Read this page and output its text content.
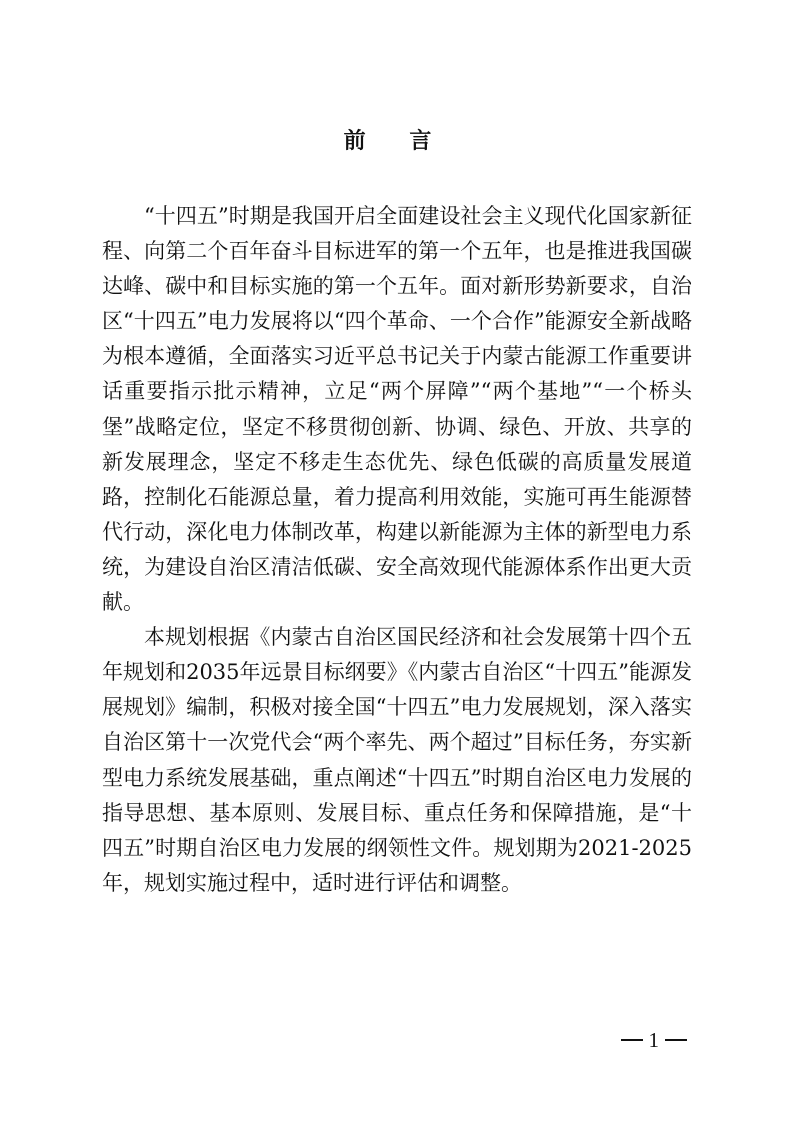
前 言

“十四五”时期是我国开启全面建设社会主义现代化国家新征程、向第二个百年奋斗目标进军的第一个五年，也是推进我国碳达峰、碳中和目标实施的第一个五年。面对新形势新要求，自治区“十四五”电力发展将以“四个革命、一个合作”能源安全新战略为根本遵循，全面落实习近平总书记关于内蒙古能源工作重要讲话重要指示批示精神，立足“两个屏障”“两个基地”“一个桥头堡”战略定位，坚定不移贯彻创新、协调、绿色、开放、共享的新发展理念，坚定不移走生态优先、绿色低碳的高质量发展道路，控制化石能源总量，着力提高利用效能，实施可再生能源替代行动，深化电力体制改革，构建以新能源为主体的新型电力系统，为建设自治区清洁低碳、安全高效现代能源体系作出更大贡献。

本规划根据《内蒙古自治区国民经济和社会发展第十四个五年规划和2035年远景目标纲要》《内蒙古自治区“十四五”能源发展规划》编制，积极对接全国“十四五”电力发展规划，深入落实自治区第十一次党代会“两个率先、两个超过”目标任务，夯实新型电力系统发展基础，重点阐述“十四五”时期自治区电力发展的指导思想、基本原则、发展目标、重点任务和保障措施，是“十四五”时期自治区电力发展的纲领性文件。规划期为2021-2025年，规划实施过程中，适时进行评估和调整。

1
